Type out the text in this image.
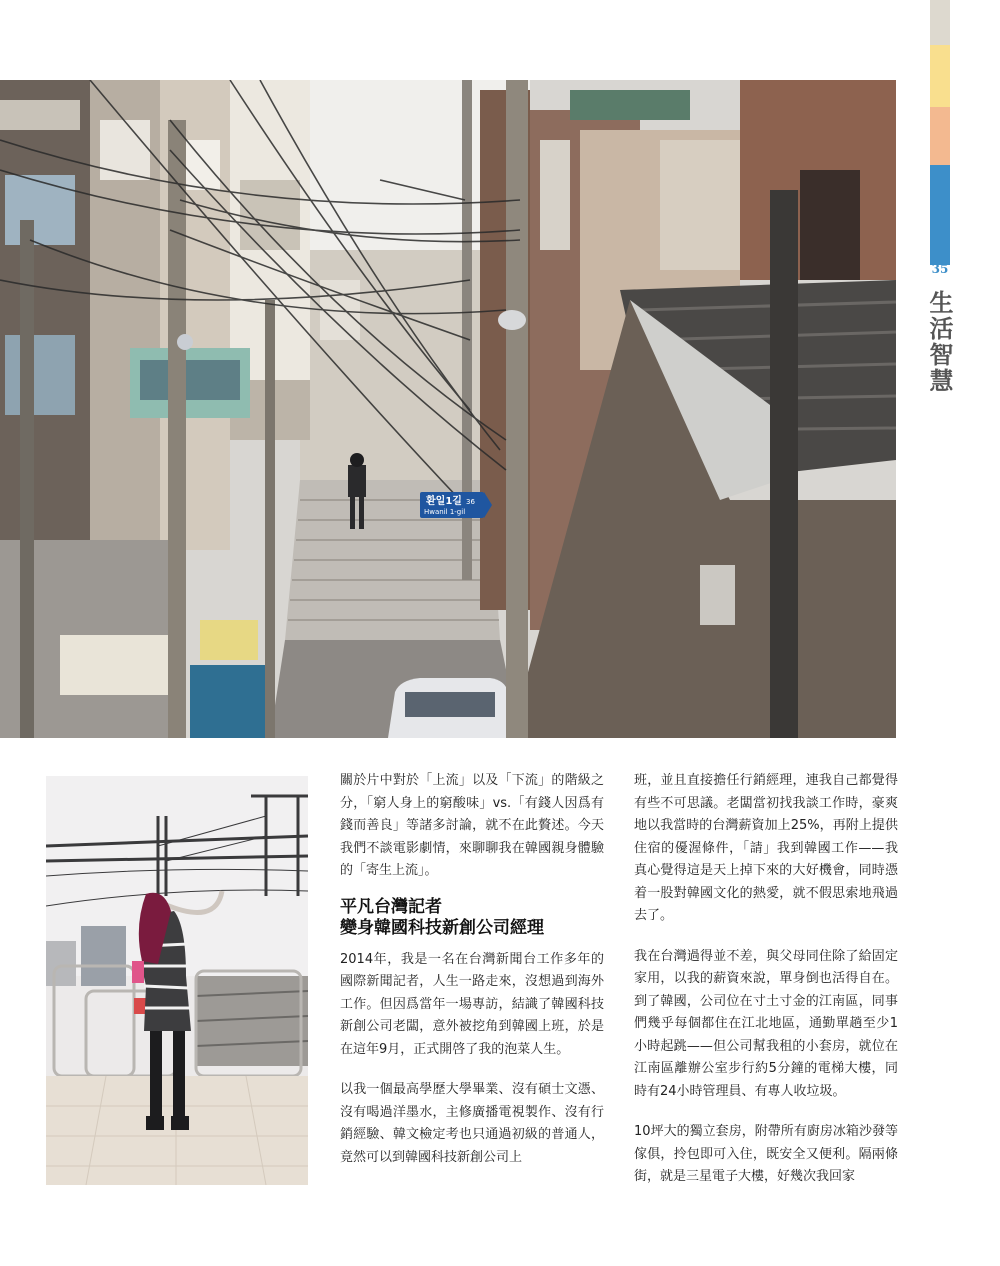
35
生活智慧
환일1길 36
Hwanil 1-gil

關於片中對於「上流」以及「下流」的階級之分，「窮人身上的窮酸味」vs.「有錢人因爲有錢而善良」等諸多討論，就不在此贅述。今天我們不談電影劇情，來聊聊我在韓國親身體驗的「寄生上流」。

平凡台灣記者
變身韓國科技新創公司經理

2014年，我是一名在台灣新聞台工作多年的國際新聞記者，人生一路走來，沒想過到海外工作。但因爲當年一場專訪，結識了韓國科技新創公司老闆，意外被挖角到韓國上班，於是在這年9月，正式開啓了我的泡菜人生。

以我一個最高學歷大學畢業、沒有碩士文憑、沒有喝過洋墨水，主修廣播電視製作、沒有行銷經驗、韓文檢定考也只通過初級的普通人，竟然可以到韓國科技新創公司上

班，並且直接擔任行銷經理，連我自己都覺得有些不可思議。老闆當初找我談工作時，豪爽地以我當時的台灣薪資加上25%，再附上提供住宿的優渥條件，「請」我到韓國工作——我真心覺得這是天上掉下來的大好機會，同時憑着一股對韓國文化的熱愛，就不假思索地飛過去了。

我在台灣過得並不差，與父母同住除了給固定家用，以我的薪資來說，單身倒也活得自在。到了韓國，公司位在寸土寸金的江南區，同事們幾乎每個都住在江北地區，通勤單趟至少1小時起跳——但公司幫我租的小套房，就位在江南區離辦公室步行約5分鐘的電梯大樓，同時有24小時管理員、有專人收垃圾。

10坪大的獨立套房，附帶所有廚房冰箱沙發等傢俱，拎包即可入住，既安全又便利。隔兩條街，就是三星電子大樓，好幾次我回家
